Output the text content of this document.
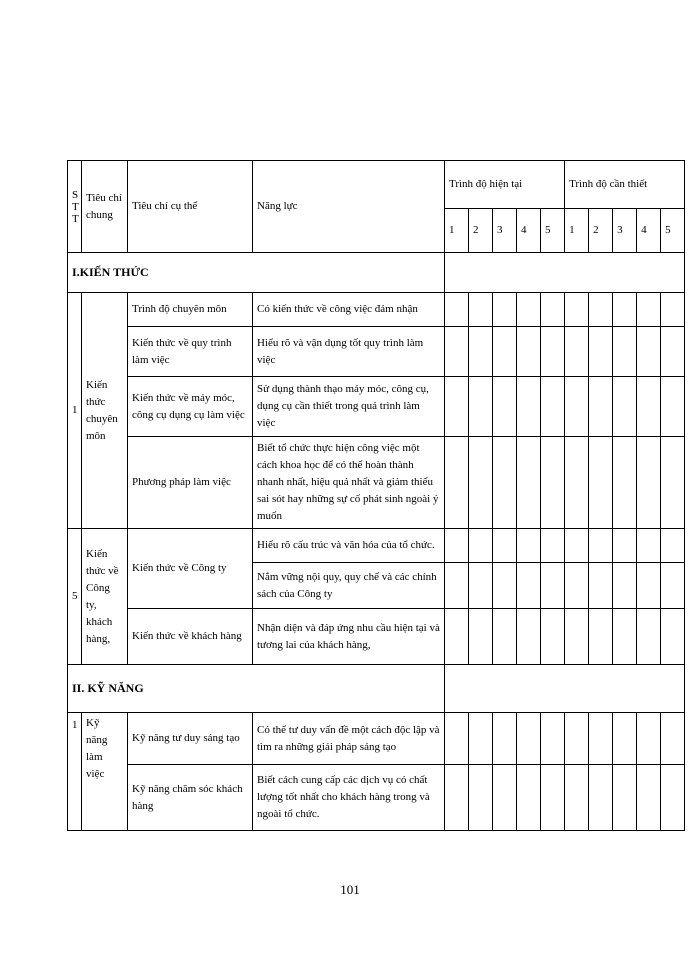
S
T
T	Tiêu chí chung	Tiêu chí cụ thể	Năng lực	Trình độ hiện tại					Trình độ cần thiết				
				1	2	3	4	5	1	2	3	4	5
I.KIẾN THỨC													
1	Kiến thức chuyên môn	Trình độ chuyên môn	Có kiến thức về công việc đảm nhận										
		Kiến thức về quy trình làm việc	Hiểu rõ và vận dụng tốt quy trình làm việc										
		Kiến thức về máy móc, công cụ dụng cụ làm việc	Sử dụng thành thạo máy móc, công cụ, dụng cụ cần thiết trong quá trình làm việc										
		Phương pháp làm việc	Biết tổ chức thực hiện công việc một cách khoa học để có thể hoàn thành nhanh nhất, hiệu quả nhất và giảm thiểu sai sót hay những sự cố phát sinh ngoài ý muốn										
5	Kiến thức về Công ty, khách hàng,	Kiến thức về Công ty	Hiểu rõ cấu trúc và văn hóa của tổ chức.										
			Nắm vững nội quy, quy chế và các chính sách của Công ty										
		Kiến thức về khách hàng	Nhận diện và đáp ứng nhu cầu hiện tại và tương lai của khách hàng,										
II. KỸ NĂNG													
1	Kỹ năng làm việc	Kỹ năng tư duy sáng tạo	Có thể tư duy vấn đề một cách độc lập và tìm ra những giải pháp sáng tạo										
		Kỹ năng chăm sóc khách hàng	Biết cách cung cấp các dịch vụ có chất lượng tốt nhất cho khách hàng trong và ngoài tổ chức.										
101
